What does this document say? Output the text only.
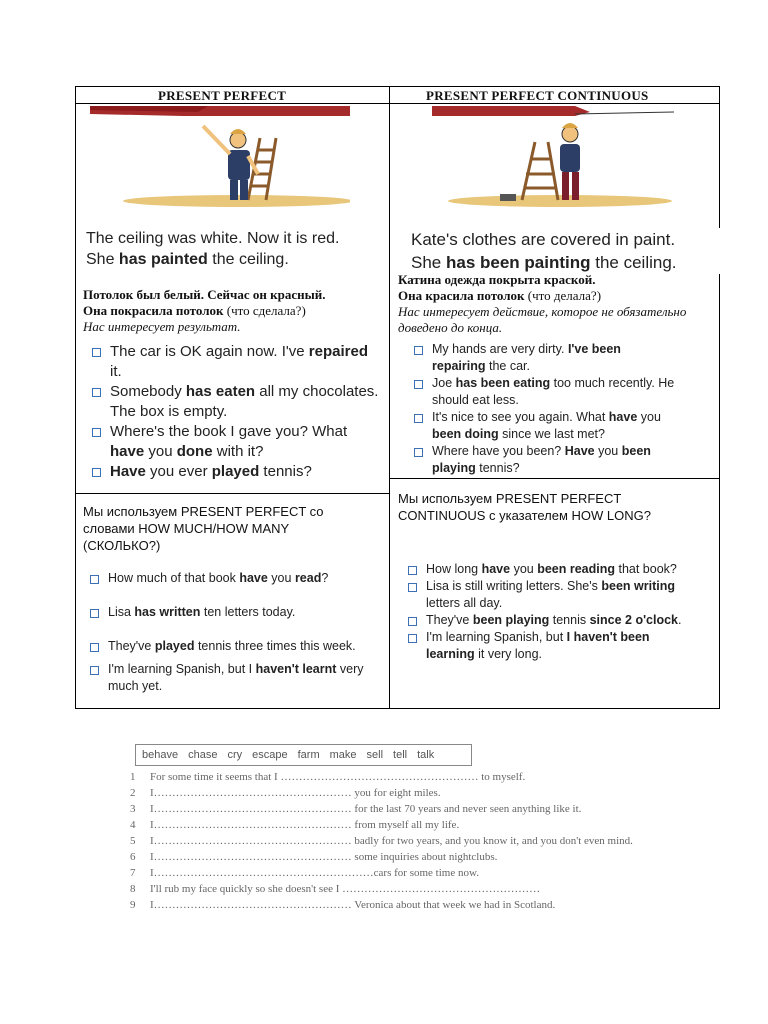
PRESENT PERFECT	PRESENT PERFECT CONTINUOUS
The ceiling was white. Now it is red.
She has painted the ceiling.
Kate's clothes are covered in paint.
She has been painting the ceiling.
Потолок был белый. Сейчас он красный.
Она покрасила потолок (что сделала?)
Нас интересует результат.
Катина одежда покрыта краской.
Она красила потолок (что делала?)
Нас интересует действие, которое не обязательно доведено до конца.
The car is OK again now. I've repaired it.
Somebody has eaten all my chocolates. The box is empty.
Where's the book I gave you? What have you done with it?
Have you ever played tennis?
My hands are very dirty. I've been repairing the car.
Joe has been eating too much recently. He should eat less.
It's nice to see you again. What have you been doing since we last met?
Where have you been? Have you been playing tennis?
Мы используем PRESENT PERFECT со словами HOW MUCH/HOW MANY (СКОЛЬКО?)
Мы используем PRESENT PERFECT CONTINUOUS с указателем HOW LONG?
How much of that book have you read?
Lisa has written ten letters today.
They've played tennis three times this week.
I'm learning Spanish, but I haven't learnt very much yet.
How long have you been reading that book?
Lisa is still writing letters. She's been writing letters all day.
They've been playing tennis since 2 o'clock.
I'm learning Spanish, but I haven't been learning it very long.
behave chase cry escape farm make sell tell talk
1 For some time it seems that I ……………………………………………… to myself.
2 I……………………………………………… you for eight miles.
3 I……………………………………………… for the last 70 years and never seen anything like it.
4 I……………………………………………… from myself all my life.
5 I……………………………………………… badly for two years, and you know it, and you don't even mind.
6 I……………………………………………… some inquiries about nightclubs.
7 I……………………………………………………cars for some time now.
8 I'll rub my face quickly so she doesn't see I ………………………………………………
9 I……………………………………………… Veronica about that week we had in Scotland.
